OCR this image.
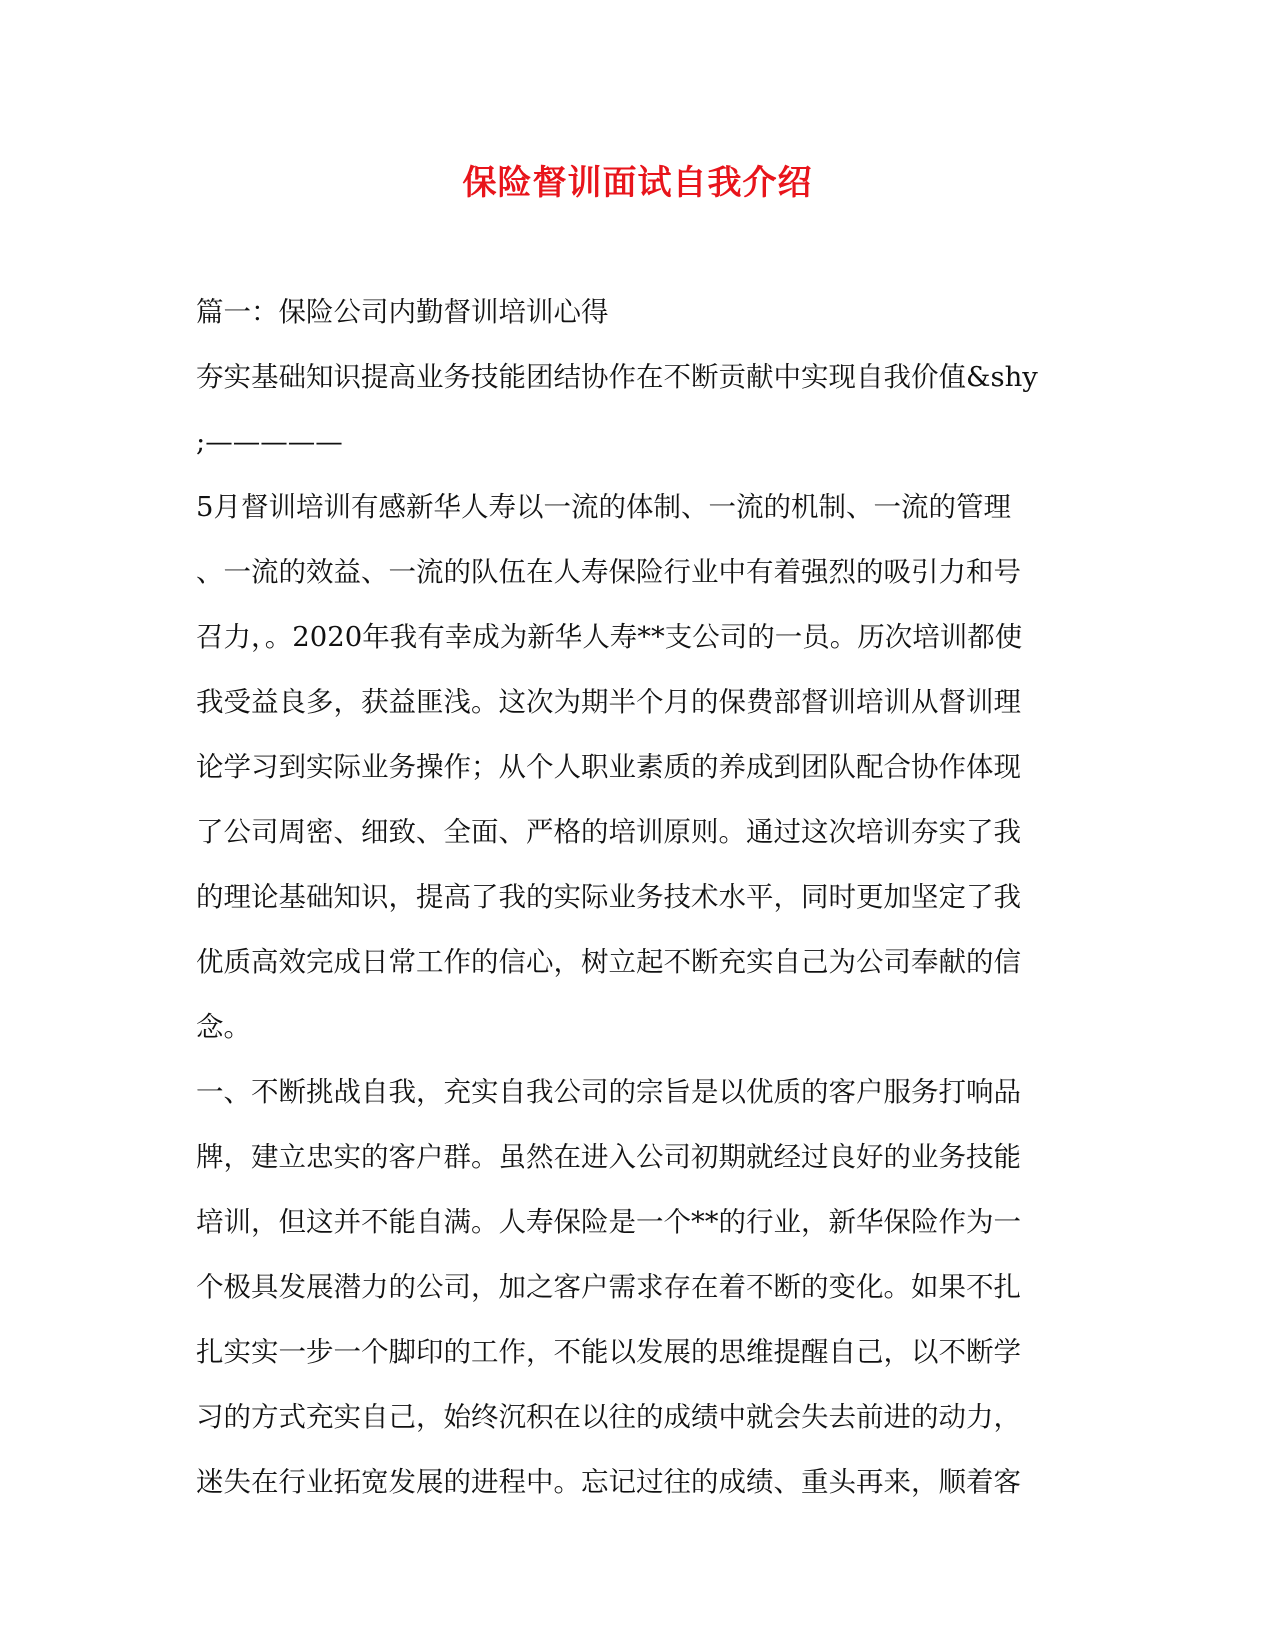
保险督训面试自我介绍
篇一：保险公司内勤督训培训心得
夯实基础知识提高业务技能团结协作在不断贡献中实现自我价值&shy
;—————
5月督训培训有感新华人寿以一流的体制、一流的机制、一流的管理
、一流的效益、一流的队伍在人寿保险行业中有着强烈的吸引力和号
召力，。2020年我有幸成为新华人寿**支公司的一员。历次培训都使
我受益良多，获益匪浅。这次为期半个月的保费部督训培训从督训理
论学习到实际业务操作；从个人职业素质的养成到团队配合协作体现
了公司周密、细致、全面、严格的培训原则。通过这次培训夯实了我
的理论基础知识，提高了我的实际业务技术水平，同时更加坚定了我
优质高效完成日常工作的信心，树立起不断充实自己为公司奉献的信
念。
一、不断挑战自我，充实自我公司的宗旨是以优质的客户服务打响品
牌，建立忠实的客户群。虽然在进入公司初期就经过良好的业务技能
培训，但这并不能自满。人寿保险是一个**的行业，新华保险作为一
个极具发展潜力的公司，加之客户需求存在着不断的变化。如果不扎
扎实实一步一个脚印的工作，不能以发展的思维提醒自己，以不断学
习的方式充实自己，始终沉积在以往的成绩中就会失去前进的动力，
迷失在行业拓宽发展的进程中。忘记过往的成绩、重头再来，顺着客
